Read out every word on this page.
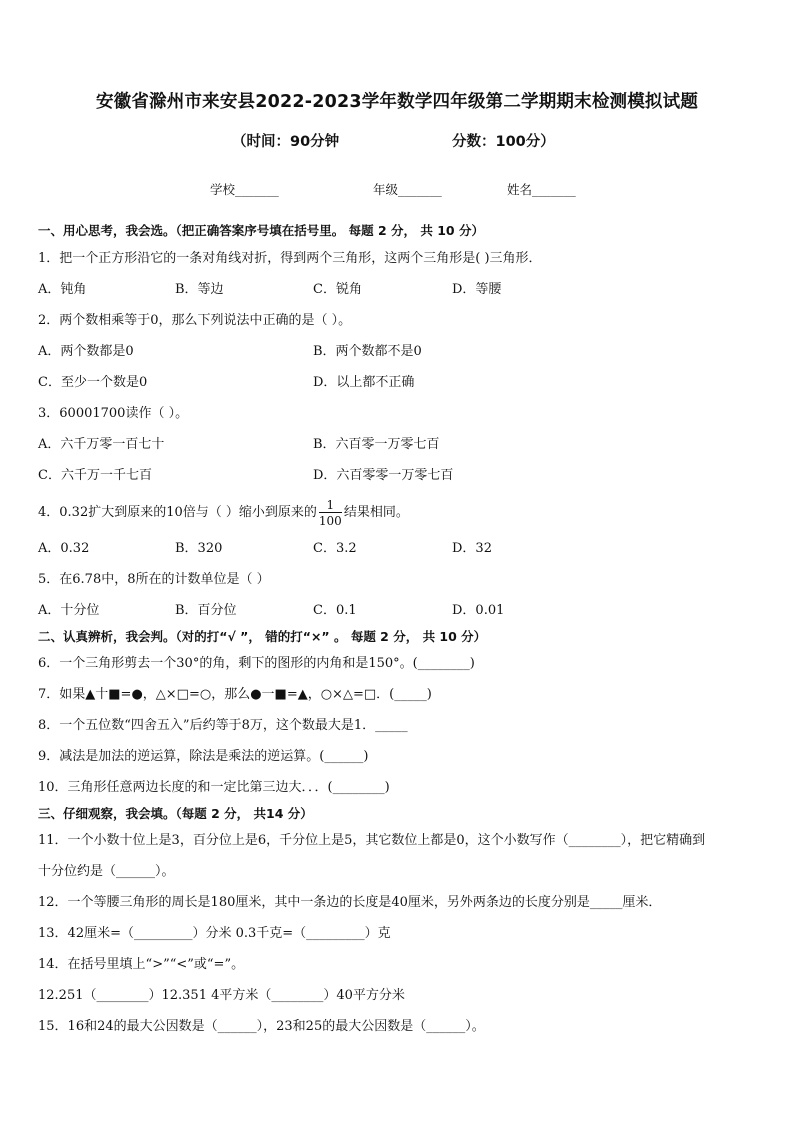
安徽省滁州市来安县2022-2023学年数学四年级第二学期期末检测模拟试题
（时间：90分钟	分数：100分）
学校_______	年级_______	姓名_______
一、用心思考，我会选。（把正确答案序号填在括号里。 每题 2 分， 共 10 分）
1．把一个正方形沿它的一条对角线对折，得到两个三角形，这两个三角形是( )三角形．
A．钝角	B．等边	C．锐角	D．等腰
2．两个数相乘等于0，那么下列说法中正确的是（ ）。
A．两个数都是0	B．两个数都不是0
C．至少一个数是0	D．以上都不正确
3．60001700读作（ ）。
A．六千万零一百七十	B．六百零一万零七百
C．六千万一千七百	D．六百零零一万零七百
4．0.32扩大到原来的10倍与（ ）缩小到原来的 $\frac{1}{100}$ 结果相同。
A．0.32	B．320	C．3.2	D．32
5．在6.78中，8所在的计数单位是（ ）
A．十分位	B．百分位	C．0.1	D．0.01
二、认真辨析，我会判。（对的打“√ ”， 错的打“×” 。 每题 2 分， 共 10 分）
6．一个三角形剪去一个30°的角，剩下的图形的内角和是150°。(________)
7．如果▲十■=●，△×□=○，那么●一■=▲，○×△=□．(_____)
8．一个五位数“四舍五入”后约等于8万，这个数最大是1．_____
9．减法是加法的逆运算，除法是乘法的逆运算。(______)
10．三角形任意两边长度的和一定比第三边大．．．(________)
三、仔细观察，我会填。（每题 2 分， 共14 分）
11．一个小数十位上是3，百分位上是6，千分位上是5，其它数位上都是0，这个小数写作（________），把它精确到
十分位约是（______）。
12．一个等腰三角形的周长是180厘米，其中一条边的长度是40厘米，另外两条边的长度分别是_____厘米．
13．42厘米=（_________）分米 0.3千克=（_________）克
14．在括号里填上“>”“<”或“=”。
12.251（________）12.351 4平方米（________）40平方分米
15．16和24的最大公因数是（______），23和25的最大公因数是（______）。
